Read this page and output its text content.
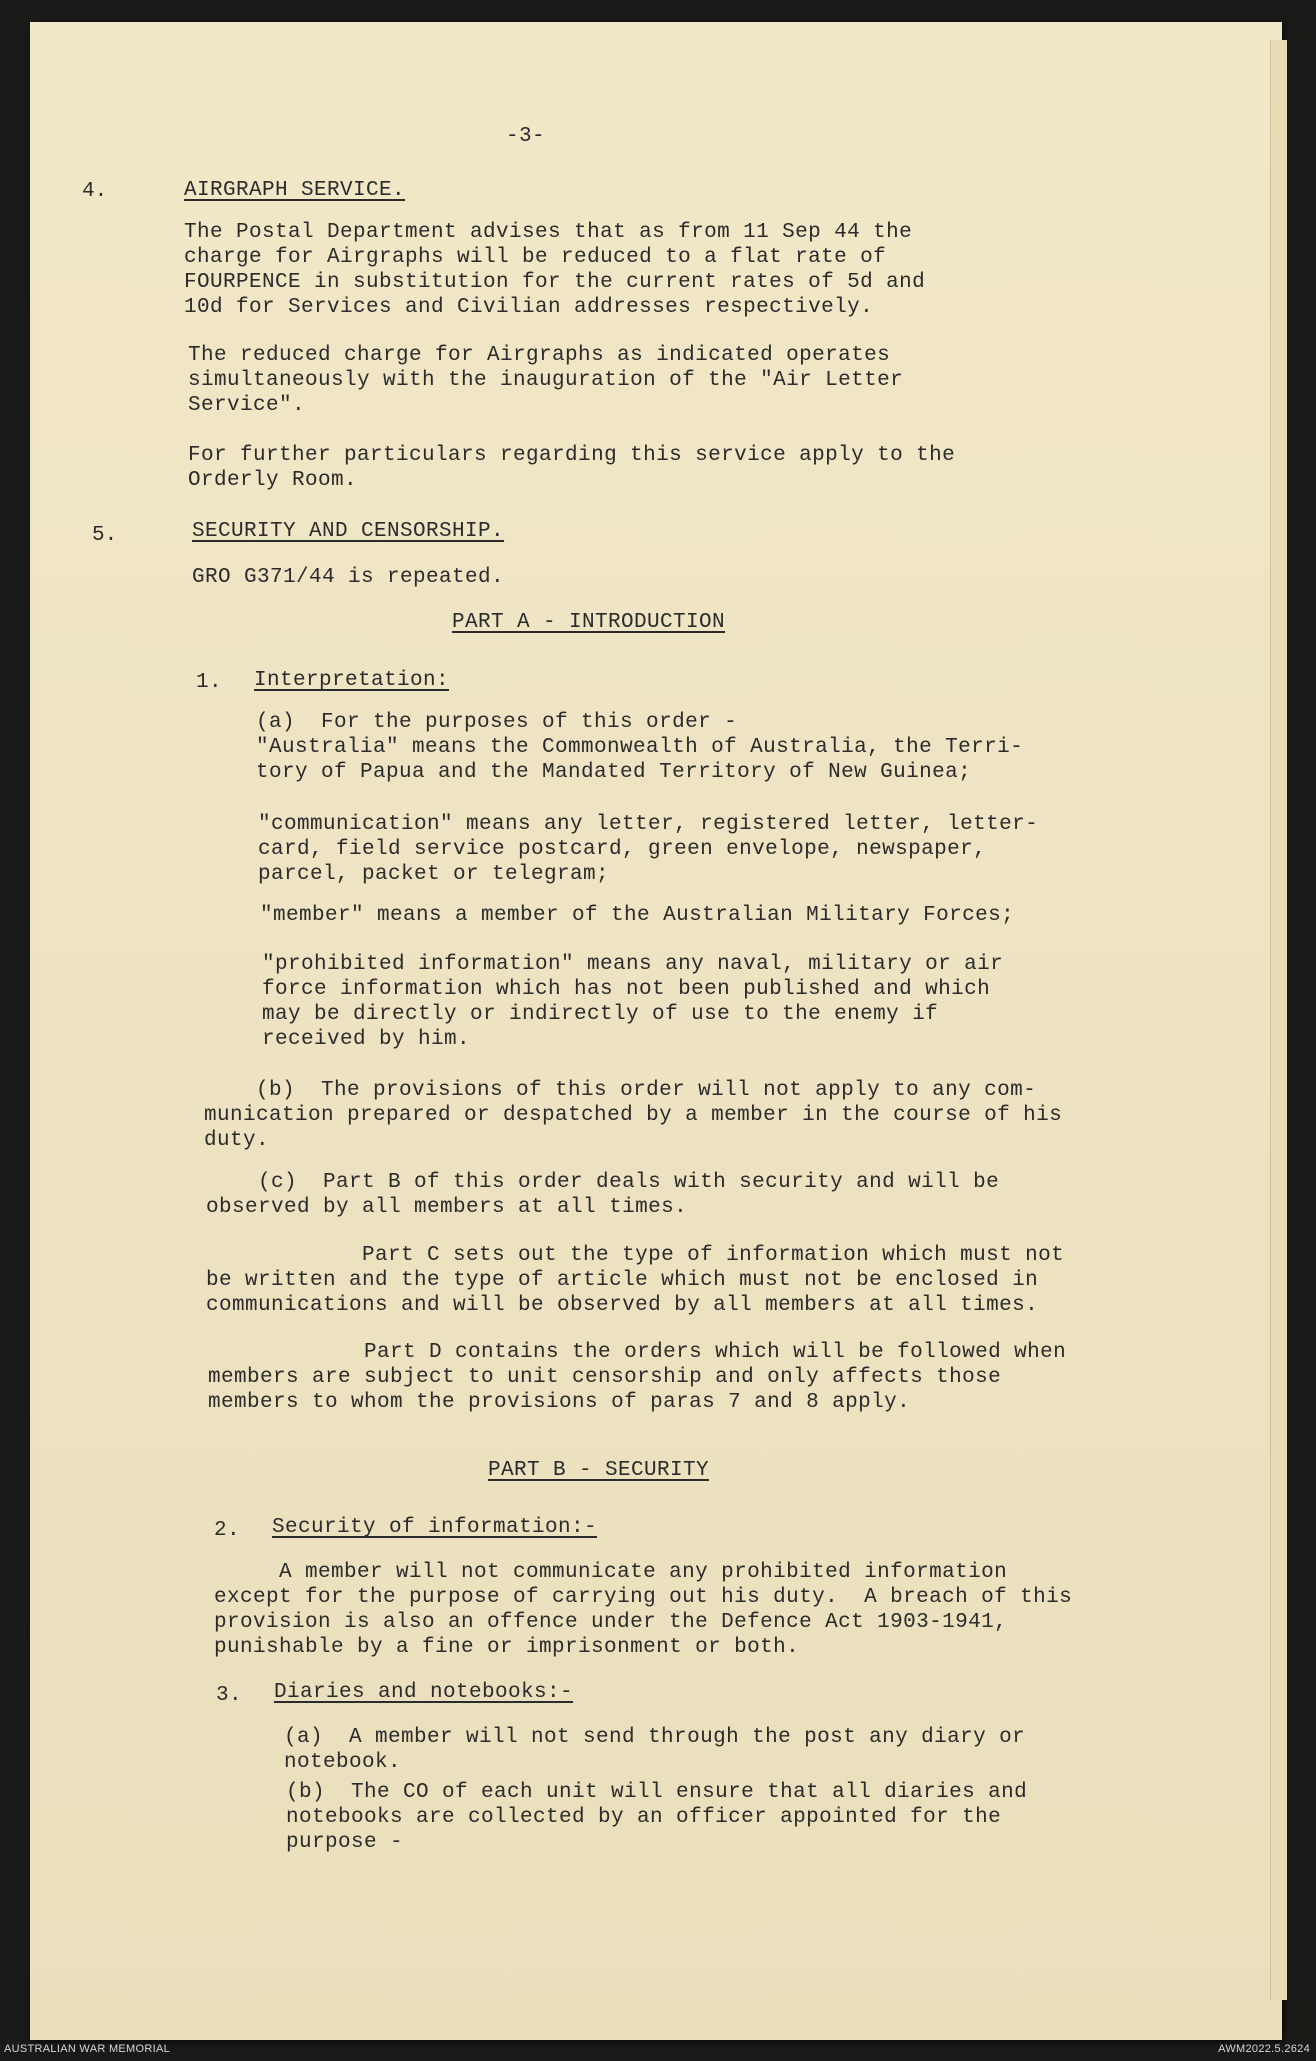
-3-

4.	AIRGRAPH SERVICE.

The Postal Department advises that as from 11 Sep 44 the
charge for Airgraphs will be reduced to a flat rate of
FOURPENCE in substitution for the current rates of 5d and
10d for Services and Civilian addresses respectively.

The reduced charge for Airgraphs as indicated operates
simultaneously with the inauguration of the "Air Letter
Service".

For further particulars regarding this service apply to the
Orderly Room.

5.	SECURITY AND CENSORSHIP.

GRO G371/44 is repeated.

PART A - INTRODUCTION

1. Interpretation:

(a)  For the purposes of this order -
"Australia" means the Commonwealth of Australia, the Terri-
tory of Papua and the Mandated Territory of New Guinea;

"communication" means any letter, registered letter, letter-
card, field service postcard, green envelope, newspaper,
parcel, packet or telegram;

"member" means a member of the Australian Military Forces;

"prohibited information" means any naval, military or air
force information which has not been published and which
may be directly or indirectly of use to the enemy if
received by him.

(b)  The provisions of this order will not apply to any com-
munication prepared or despatched by a member in the course of his
duty.

(c)  Part B of this order deals with security and will be
observed by all members at all times.

Part C sets out the type of information which must not
be written and the type of article which must not be enclosed in
communications and will be observed by all members at all times.

Part D contains the orders which will be followed when
members are subject to unit censorship and only affects those
members to whom the provisions of paras 7 and 8 apply.

PART B - SECURITY

2. Security of information:-

A member will not communicate any prohibited information
except for the purpose of carrying out his duty.  A breach of this
provision is also an offence under the Defence Act 1903-1941,
punishable by a fine or imprisonment or both.

3. Diaries and notebooks:-

(a)  A member will not send through the post any diary or
notebook.

(b)  The CO of each unit will ensure that all diaries and
notebooks are collected by an officer appointed for the
purpose -

AUSTRALIAN WAR MEMORIAL	AWM2022.5.2624
